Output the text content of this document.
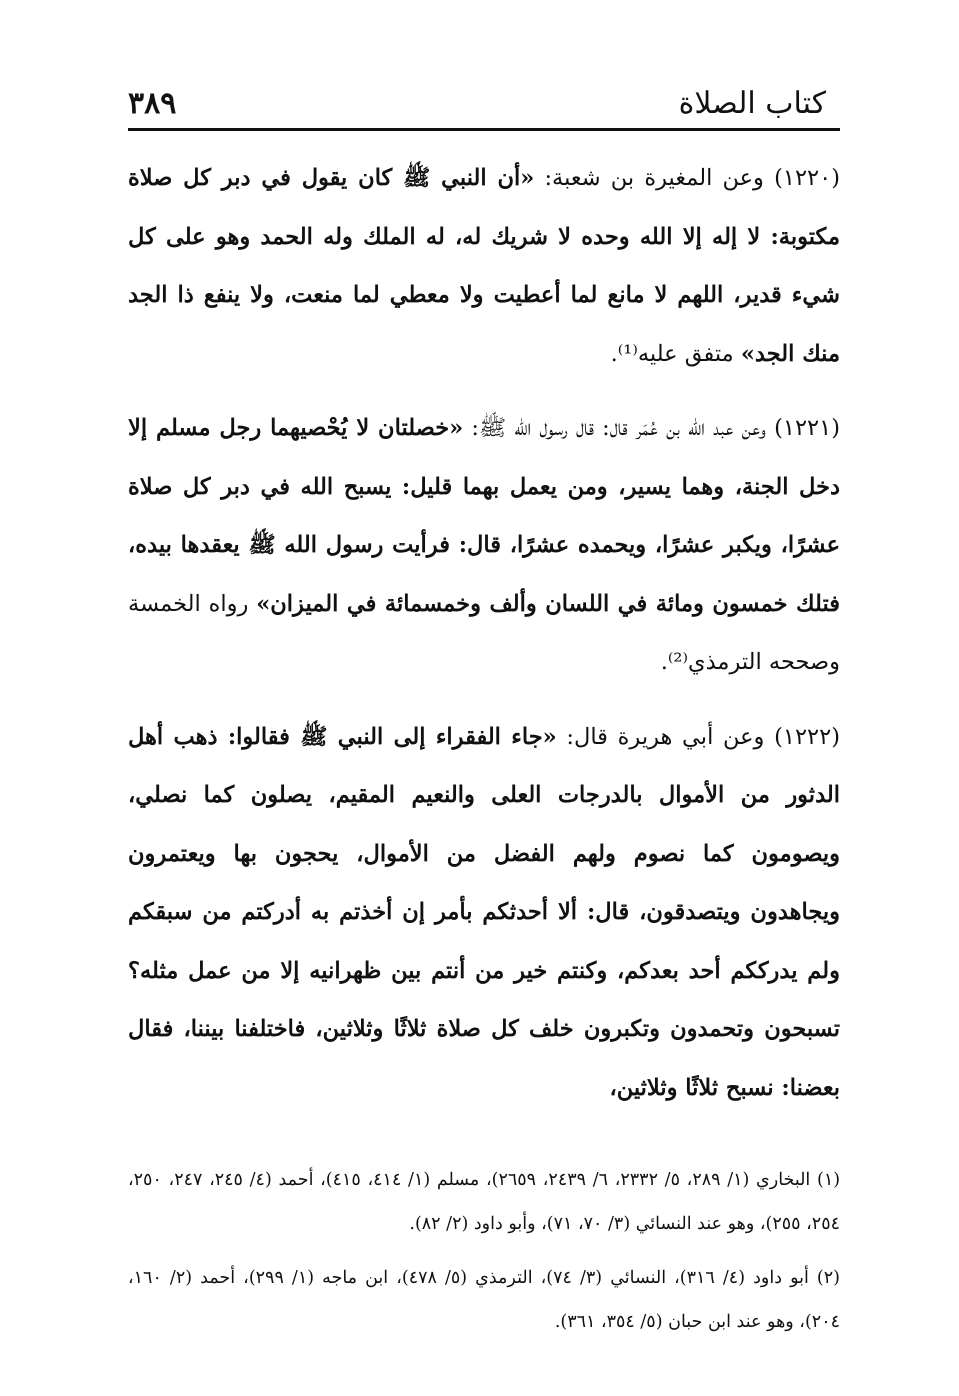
كتاب الصلاة
٣٨٩

(١٢٢٠) وعن المغيرة بن شعبة: «أن النبي ﷺ كان يقول في دبر كل صلاة مكتوبة: لا إله إلا الله وحده لا شريك له، له الملك وله الحمد وهو على كل شيء قدير، اللهم لا مانع لما أعطيت ولا معطي لما منعت، ولا ينفع ذا الجد منك الجد» متفق عليه⁽¹⁾.

(١٢٢١) وعن عبد الله بن عُمَر قال: قال رسول الله ﷺ: «خصلتان لا يُحْصيهما رجل مسلم إلا دخل الجنة، وهما يسير، ومن يعمل بهما قليل: يسبح الله في دبر كل صلاة عشرًا، ويكبر عشرًا، ويحمده عشرًا، قال: فرأيت رسول الله ﷺ يعقدها بيده، فتلك خمسون ومائة في اللسان وألف وخمسمائة في الميزان» رواه الخمسة وصححه الترمذي⁽²⁾.

(١٢٢٢) وعن أبي هريرة قال: «جاء الفقراء إلى النبي ﷺ فقالوا: ذهب أهل الدثور من الأموال بالدرجات العلى والنعيم المقيم، يصلون كما نصلي، ويصومون كما نصوم ولهم الفضل من الأموال، يحجون بها ويعتمرون ويجاهدون ويتصدقون، قال: ألا أحدثكم بأمر إن أخذتم به أدركتم من سبقكم ولم يدرككم أحد بعدكم، وكنتم خير من أنتم بين ظهرانيه إلا من عمل مثله؟ تسبحون وتحمدون وتكبرون خلف كل صلاة ثلاثًا وثلاثين، فاختلفنا بيننا، فقال بعضنا: نسبح ثلاثًا وثلاثين،

(١) البخاري (١/ ٢٨٩، ٥/ ٢٣٣٢، ٦/ ٢٤٣٩، ٢٦٥٩)، مسلم (١/ ٤١٤، ٤١٥)، أحمد (٤/ ٢٤٥، ٢٤٧، ٢٥٠، ٢٥٤، ٢٥٥)، وهو عند النسائي (٣/ ٧٠، ٧١)، وأبو داود (٢/ ٨٢).

(٢) أبو داود (٤/ ٣١٦)، النسائي (٣/ ٧٤)، الترمذي (٥/ ٤٧٨)، ابن ماجه (١/ ٢٩٩)، أحمد (٢/ ١٦٠، ٢٠٤)، وهو عند ابن حبان (٥/ ٣٥٤، ٣٦١).
